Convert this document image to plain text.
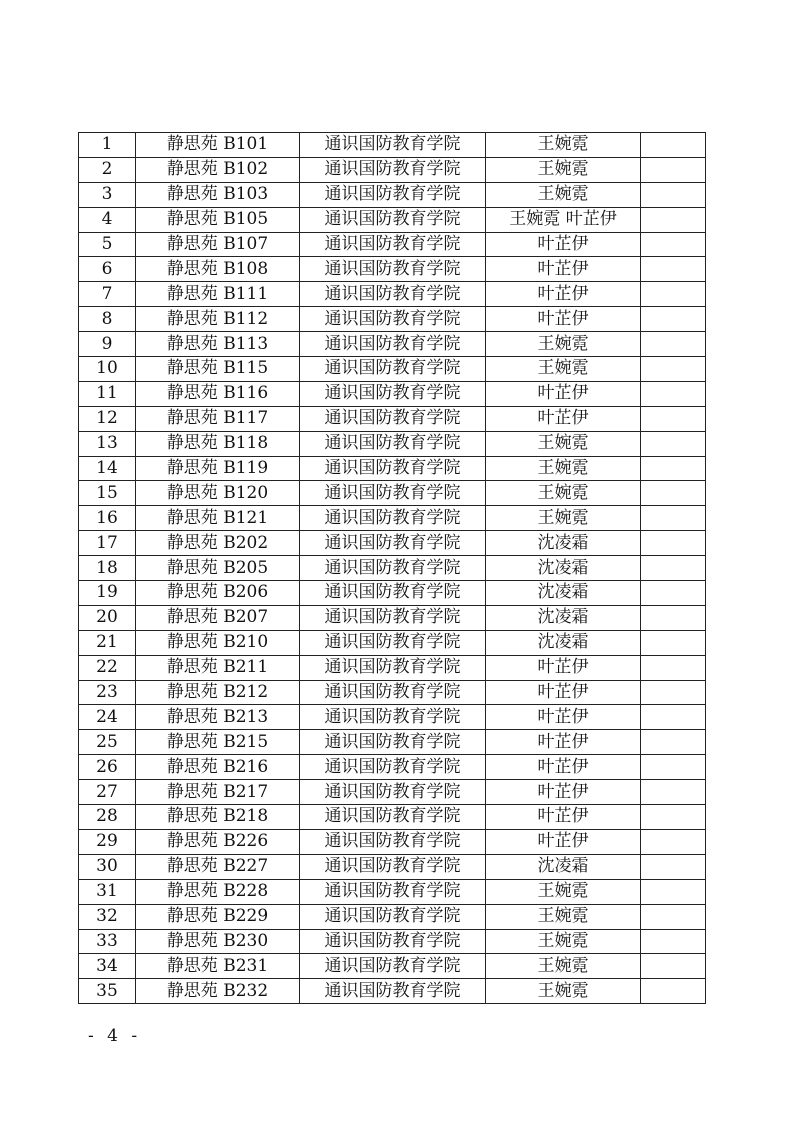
1	静思苑 B101	通识国防教育学院	王婉霓	
2	静思苑 B102	通识国防教育学院	王婉霓	
3	静思苑 B103	通识国防教育学院	王婉霓	
4	静思苑 B105	通识国防教育学院	王婉霓 叶芷伊	
5	静思苑 B107	通识国防教育学院	叶芷伊	
6	静思苑 B108	通识国防教育学院	叶芷伊	
7	静思苑 B111	通识国防教育学院	叶芷伊	
8	静思苑 B112	通识国防教育学院	叶芷伊	
9	静思苑 B113	通识国防教育学院	王婉霓	
10	静思苑 B115	通识国防教育学院	王婉霓	
11	静思苑 B116	通识国防教育学院	叶芷伊	
12	静思苑 B117	通识国防教育学院	叶芷伊	
13	静思苑 B118	通识国防教育学院	王婉霓	
14	静思苑 B119	通识国防教育学院	王婉霓	
15	静思苑 B120	通识国防教育学院	王婉霓	
16	静思苑 B121	通识国防教育学院	王婉霓	
17	静思苑 B202	通识国防教育学院	沈凌霜	
18	静思苑 B205	通识国防教育学院	沈凌霜	
19	静思苑 B206	通识国防教育学院	沈凌霜	
20	静思苑 B207	通识国防教育学院	沈凌霜	
21	静思苑 B210	通识国防教育学院	沈凌霜	
22	静思苑 B211	通识国防教育学院	叶芷伊	
23	静思苑 B212	通识国防教育学院	叶芷伊	
24	静思苑 B213	通识国防教育学院	叶芷伊	
25	静思苑 B215	通识国防教育学院	叶芷伊	
26	静思苑 B216	通识国防教育学院	叶芷伊	
27	静思苑 B217	通识国防教育学院	叶芷伊	
28	静思苑 B218	通识国防教育学院	叶芷伊	
29	静思苑 B226	通识国防教育学院	叶芷伊	
30	静思苑 B227	通识国防教育学院	沈凌霜	
31	静思苑 B228	通识国防教育学院	王婉霓	
32	静思苑 B229	通识国防教育学院	王婉霓	
33	静思苑 B230	通识国防教育学院	王婉霓	
34	静思苑 B231	通识国防教育学院	王婉霓	
35	静思苑 B232	通识国防教育学院	王婉霓	
- 4 -
